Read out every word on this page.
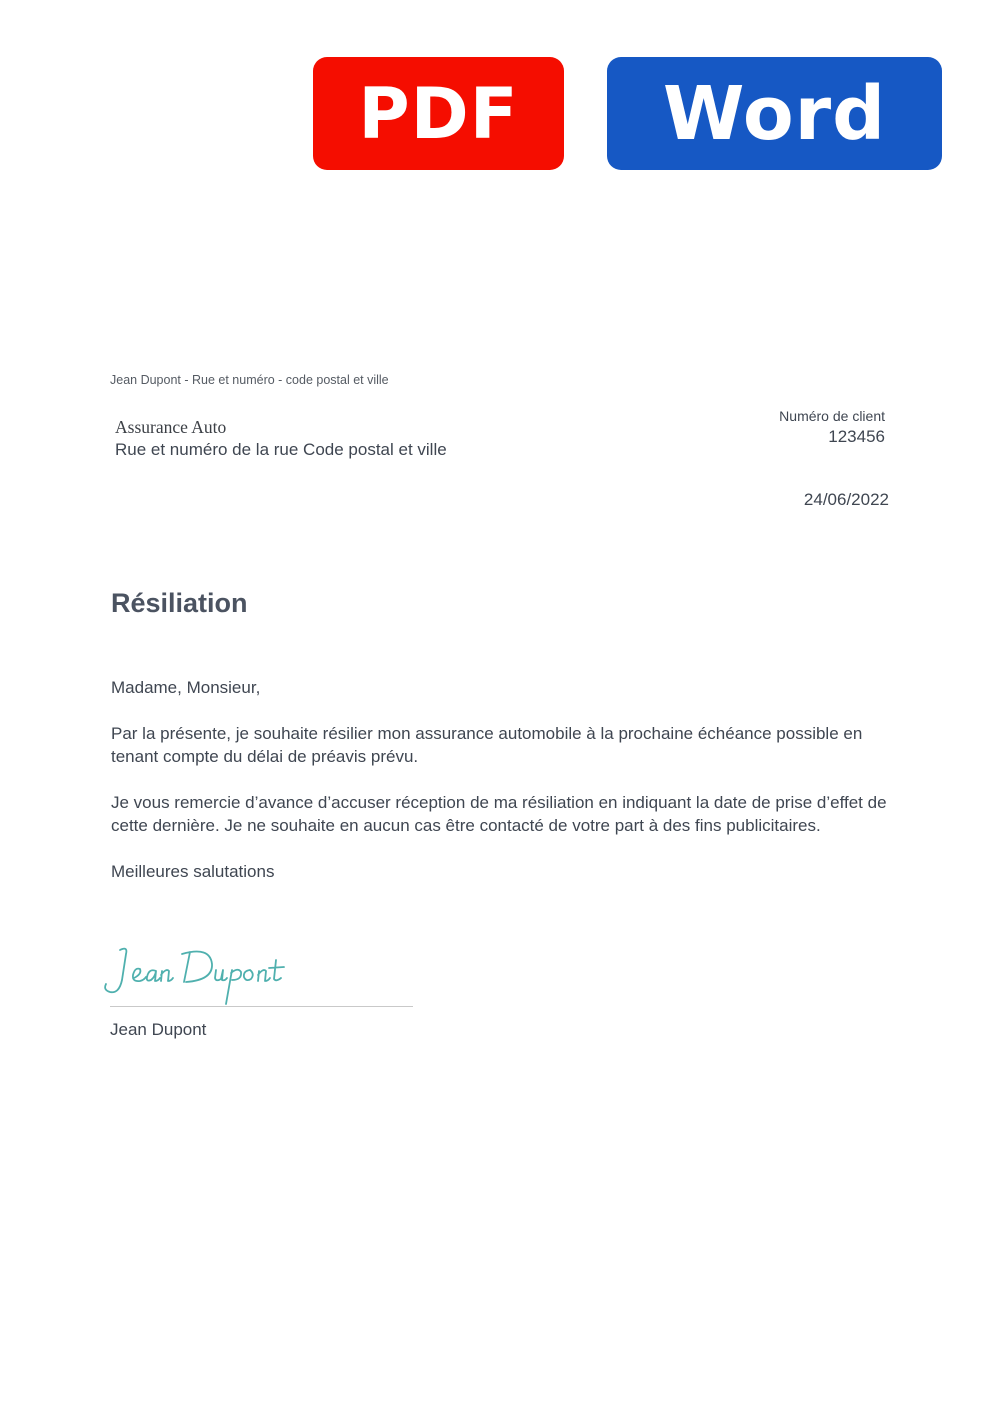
PDF	Word
Jean Dupont - Rue et numéro - code postal et ville
Assurance Auto
Rue et numéro de la rue Code postal et ville
Numéro de client
123456
24/06/2022
Résiliation

Madame, Monsieur,

Par la présente, je souhaite résilier mon assurance automobile à la prochaine échéance possible en tenant compte du délai de préavis prévu.

Je vous remercie d’avance d’accuser réception de ma résiliation en indiquant la date de prise d’effet de cette dernière. Je ne souhaite en aucun cas être contacté de votre part à des fins publicitaires.

Meilleures salutations

Jean Dupont
